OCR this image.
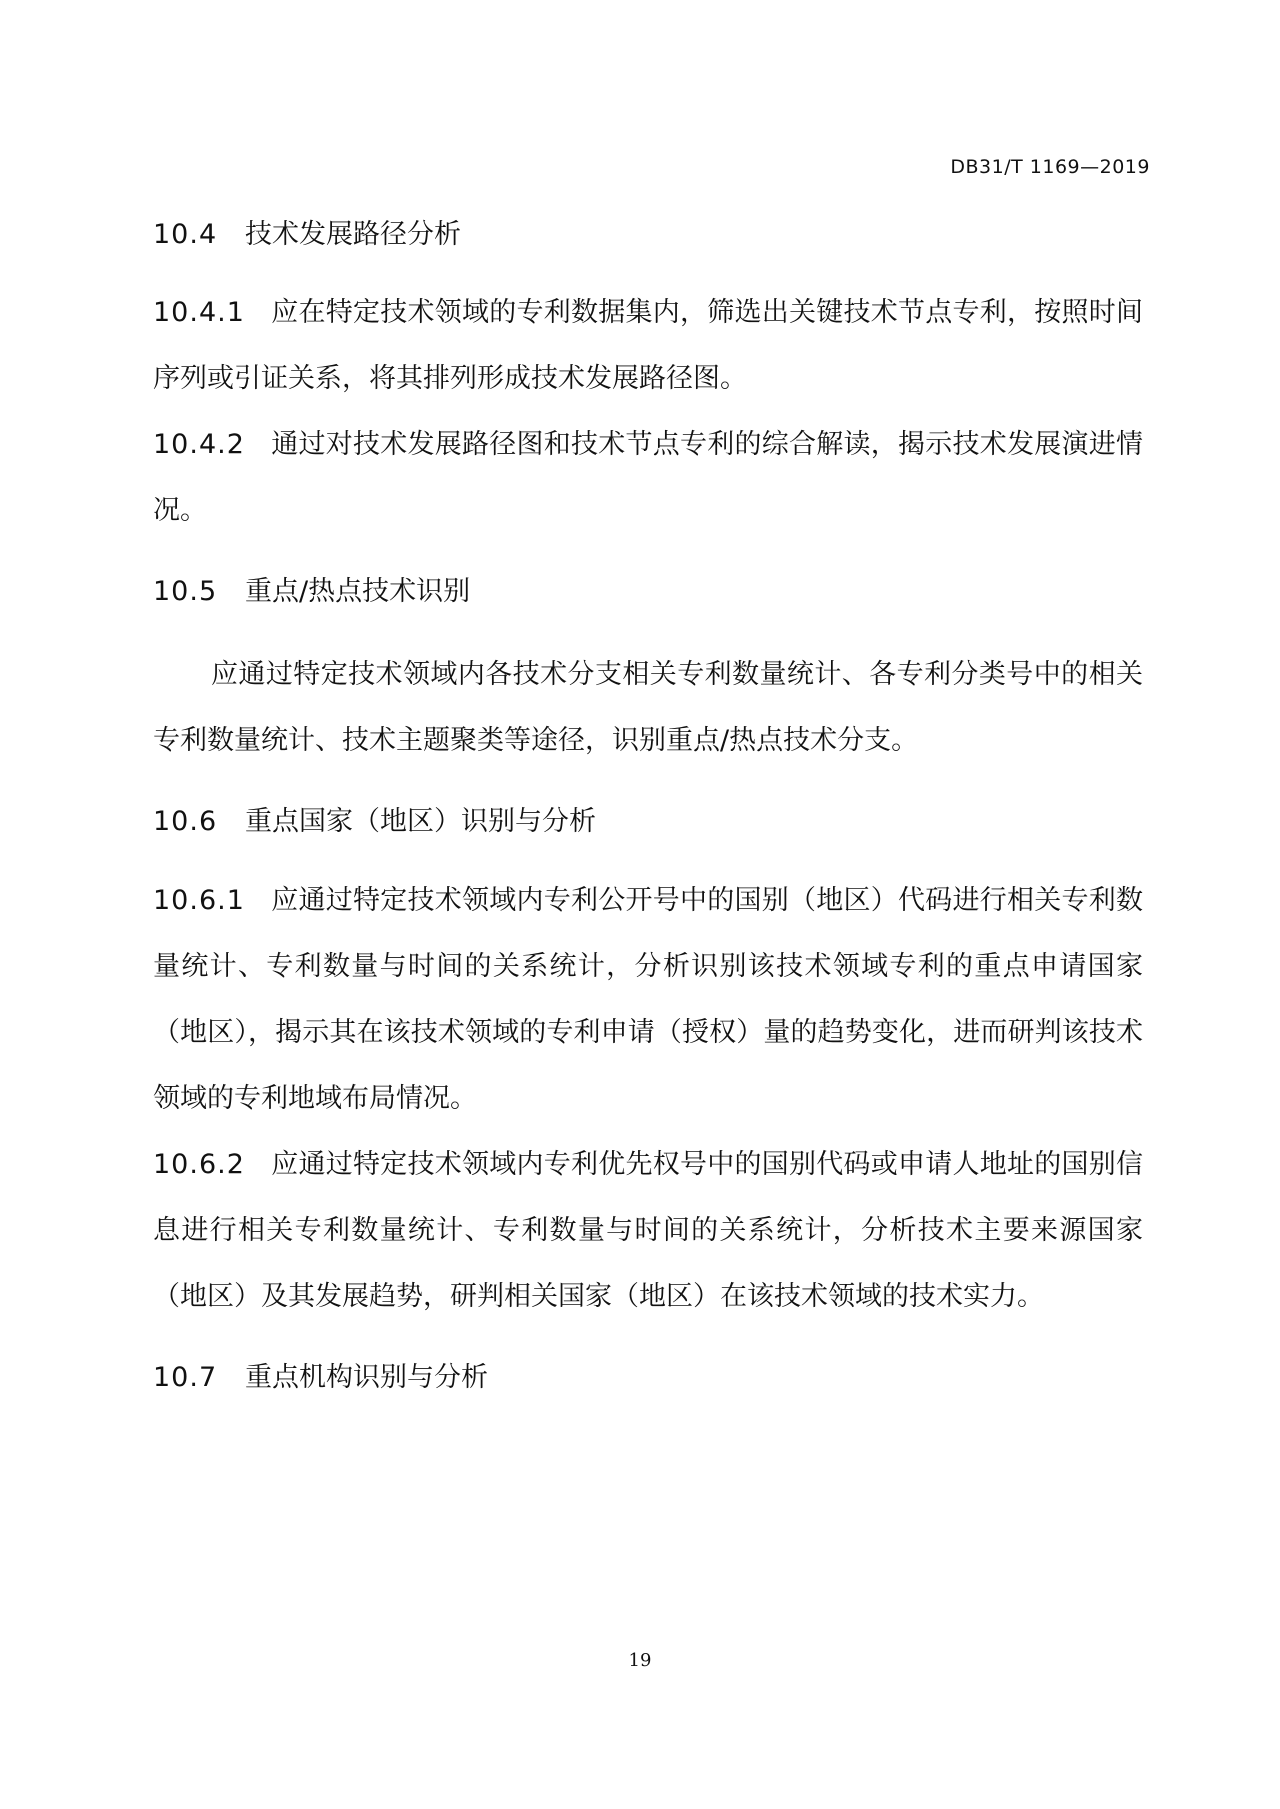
DB31/T 1169—2019
10.4 技术发展路径分析

10.4.1 应在特定技术领域的专利数据集内，筛选出关键技术节点专利，按照时间序列或引证关系，将其排列形成技术发展路径图。

10.4.2 通过对技术发展路径图和技术节点专利的综合解读，揭示技术发展演进情况。

10.5 重点/热点技术识别

应通过特定技术领域内各技术分支相关专利数量统计、各专利分类号中的相关专利数量统计、技术主题聚类等途径，识别重点/热点技术分支。

10.6 重点国家（地区）识别与分析

10.6.1 应通过特定技术领域内专利公开号中的国别（地区）代码进行相关专利数量统计、专利数量与时间的关系统计，分析识别该技术领域专利的重点申请国家（地区），揭示其在该技术领域的专利申请（授权）量的趋势变化，进而研判该技术领域的专利地域布局情况。

10.6.2 应通过特定技术领域内专利优先权号中的国别代码或申请人地址的国别信息进行相关专利数量统计、专利数量与时间的关系统计，分析技术主要来源国家（地区）及其发展趋势，研判相关国家（地区）在该技术领域的技术实力。

10.7 重点机构识别与分析
19
